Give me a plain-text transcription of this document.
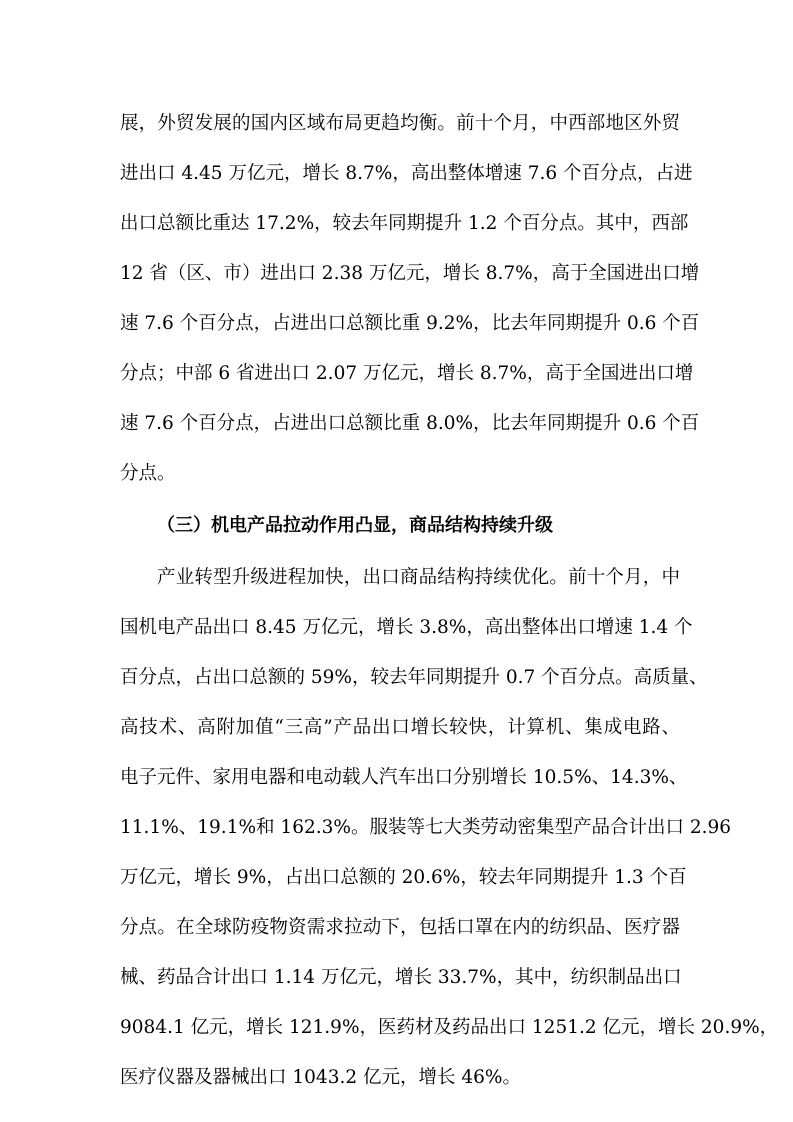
展，外贸发展的国内区域布局更趋均衡。前十个月，中西部地区外贸
进出口 4.45 万亿元，增长 8.7%，高出整体增速 7.6 个百分点，占进
出口总额比重达 17.2%，较去年同期提升 1.2 个百分点。其中，西部
12 省（区、市）进出口 2.38 万亿元，增长 8.7%，高于全国进出口增
速 7.6 个百分点，占进出口总额比重 9.2%，比去年同期提升 0.6 个百
分点；中部 6 省进出口 2.07 万亿元，增长 8.7%，高于全国进出口增
速 7.6 个百分点，占进出口总额比重 8.0%，比去年同期提升 0.6 个百
分点。
（三）机电产品拉动作用凸显，商品结构持续升级
产业转型升级进程加快，出口商品结构持续优化。前十个月，中
国机电产品出口 8.45 万亿元，增长 3.8%，高出整体出口增速 1.4 个
百分点，占出口总额的 59%，较去年同期提升 0.7 个百分点。高质量、
高技术、高附加值“三高”产品出口增长较快，计算机、集成电路、
电子元件、家用电器和电动载人汽车出口分别增长 10.5%、14.3%、
11.1%、19.1%和 162.3%。服装等七大类劳动密集型产品合计出口 2.96
万亿元，增长 9%，占出口总额的 20.6%，较去年同期提升 1.3 个百
分点。在全球防疫物资需求拉动下，包括口罩在内的纺织品、医疗器
械、药品合计出口 1.14 万亿元，增长 33.7%，其中，纺织制品出口
9084.1 亿元，增长 121.9%，医药材及药品出口 1251.2 亿元，增长 20.9%，
医疗仪器及器械出口 1043.2 亿元，增长 46%。
